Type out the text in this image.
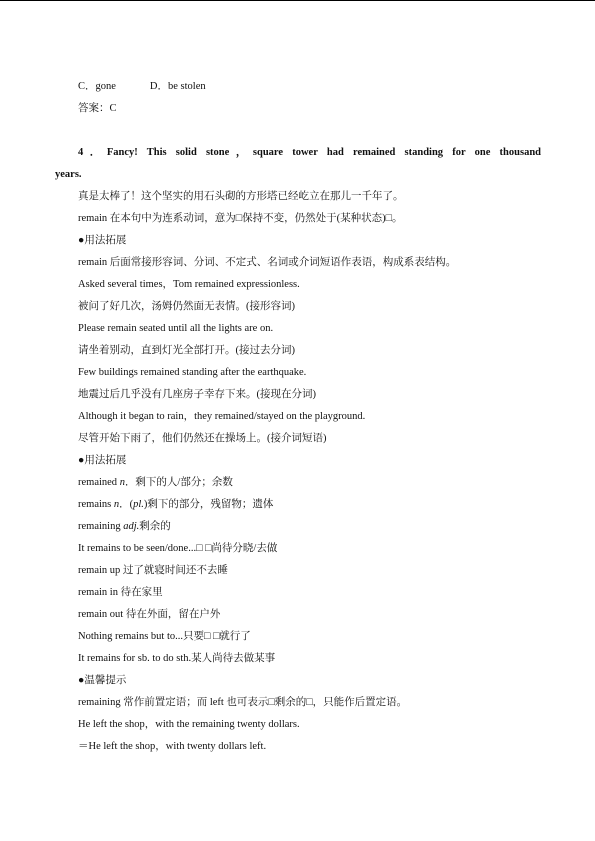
C．gone	D．be stolen
答案：C
4．Fancy! This solid stone，square tower had remained standing for one thousand
years.
真是太棒了！这个坚实的用石头砌的方形塔已经屹立在那儿一千年了。
remain 在本句中为连系动词，意为□保持不变，仍然处于(某种状态)□。
●用法拓展
remain 后面常接形容词、分词、不定式、名词或介词短语作表语，构成系表结构。
Asked several times，Tom remained expressionless.
被问了好几次，汤姆仍然面无表情。(接形容词)
Please remain seated until all the lights are on.
请坐着别动，直到灯光全部打开。(接过去分词)
Few buildings remained standing after the earthquake.
地震过后几乎没有几座房子幸存下来。(接现在分词)
Although it began to rain，they remained/stayed on the playground.
尽管开始下雨了，他们仍然还在操场上。(接介词短语)
●用法拓展
remained n．剩下的人/部分；余数
remains n．(pl.)剩下的部分，残留物；遗体
remaining adj.剩余的
It remains to be seen/done...□ □尚待分晓/去做
remain up 过了就寝时间还不去睡
remain in 待在家里
remain out 待在外面，留在户外
Nothing remains but to...只要□ □就行了
It remains for sb. to do sth.某人尚待去做某事
●温馨提示
remaining 常作前置定语；而 left 也可表示□剩余的□，只能作后置定语。
He left the shop，with the remaining twenty dollars.
＝He left the shop，with twenty dollars left.
